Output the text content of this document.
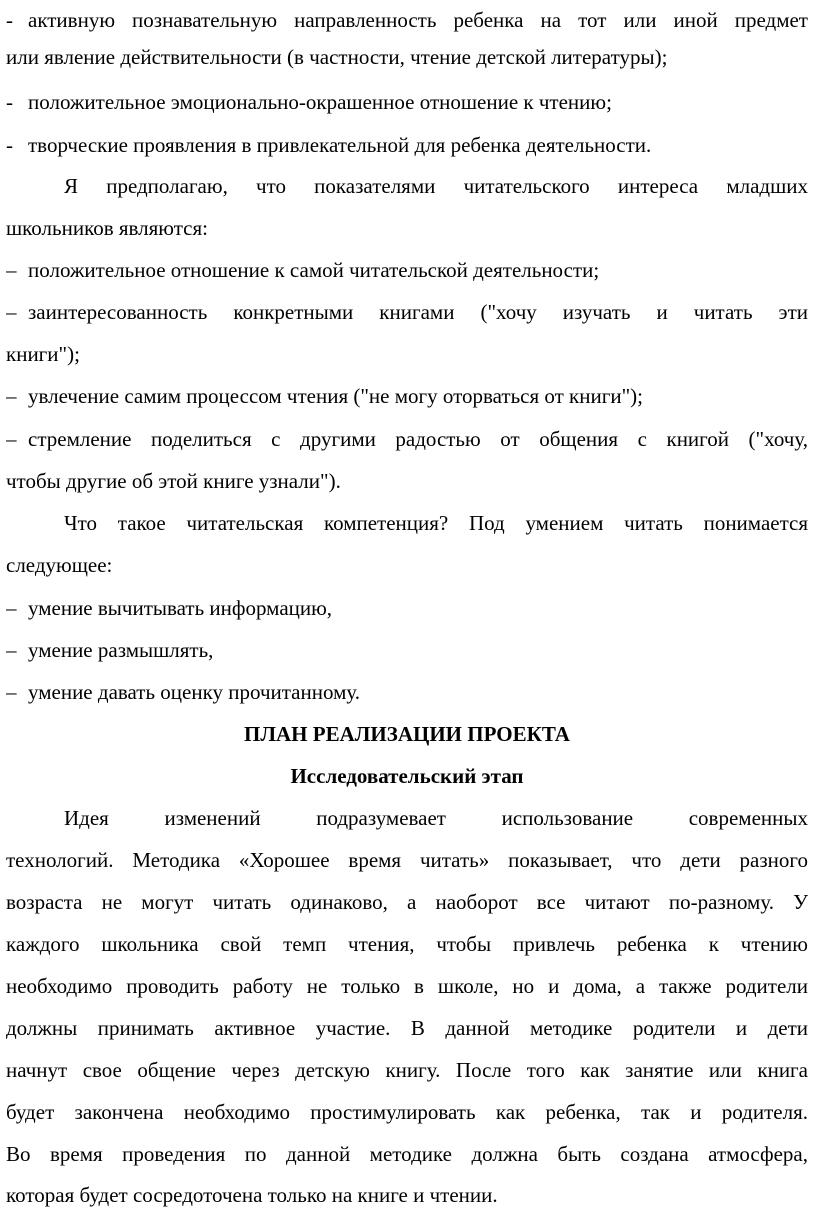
- активную познавательную направленность ребенка на тот или иной предмет
или явление действительности (в частности, чтение детской литературы);
- положительное эмоционально-окрашенное отношение к чтению;
- творческие проявления в привлекательной для ребенка деятельности.
Я предполагаю, что показателями читательского интереса младших
школьников являются:
– положительное отношение к самой читательской деятельности;
– заинтересованность конкретными книгами ("хочу изучать и читать эти
книги");
– увлечение самим процессом чтения ("не могу оторваться от книги");
– стремление поделиться с другими радостью от общения с книгой ("хочу,
чтобы другие об этой книге узнали").
Что такое читательская компетенция? Под умением читать понимается
следующее:
– умение вычитывать информацию,
– умение размышлять,
– умение давать оценку прочитанному.
ПЛАН РЕАЛИЗАЦИИ ПРОЕКТА
Исследовательский этап
Идея изменений подразумевает использование современных
технологий. Методика «Хорошее время читать» показывает, что дети разного
возраста не могут читать одинаково, а наоборот все читают по-разному. У
каждого школьника свой темп чтения, чтобы привлечь ребенка к чтению
необходимо проводить работу не только в школе, но и дома, а также родители
должны принимать активное участие. В данной методике родители и дети
начнут свое общение через детскую книгу. После того как занятие или книга
будет закончена необходимо простимулировать как ребенка, так и родителя.
Во время проведения по данной методике должна быть создана атмосфера,
которая будет сосредоточена только на книге и чтении.
